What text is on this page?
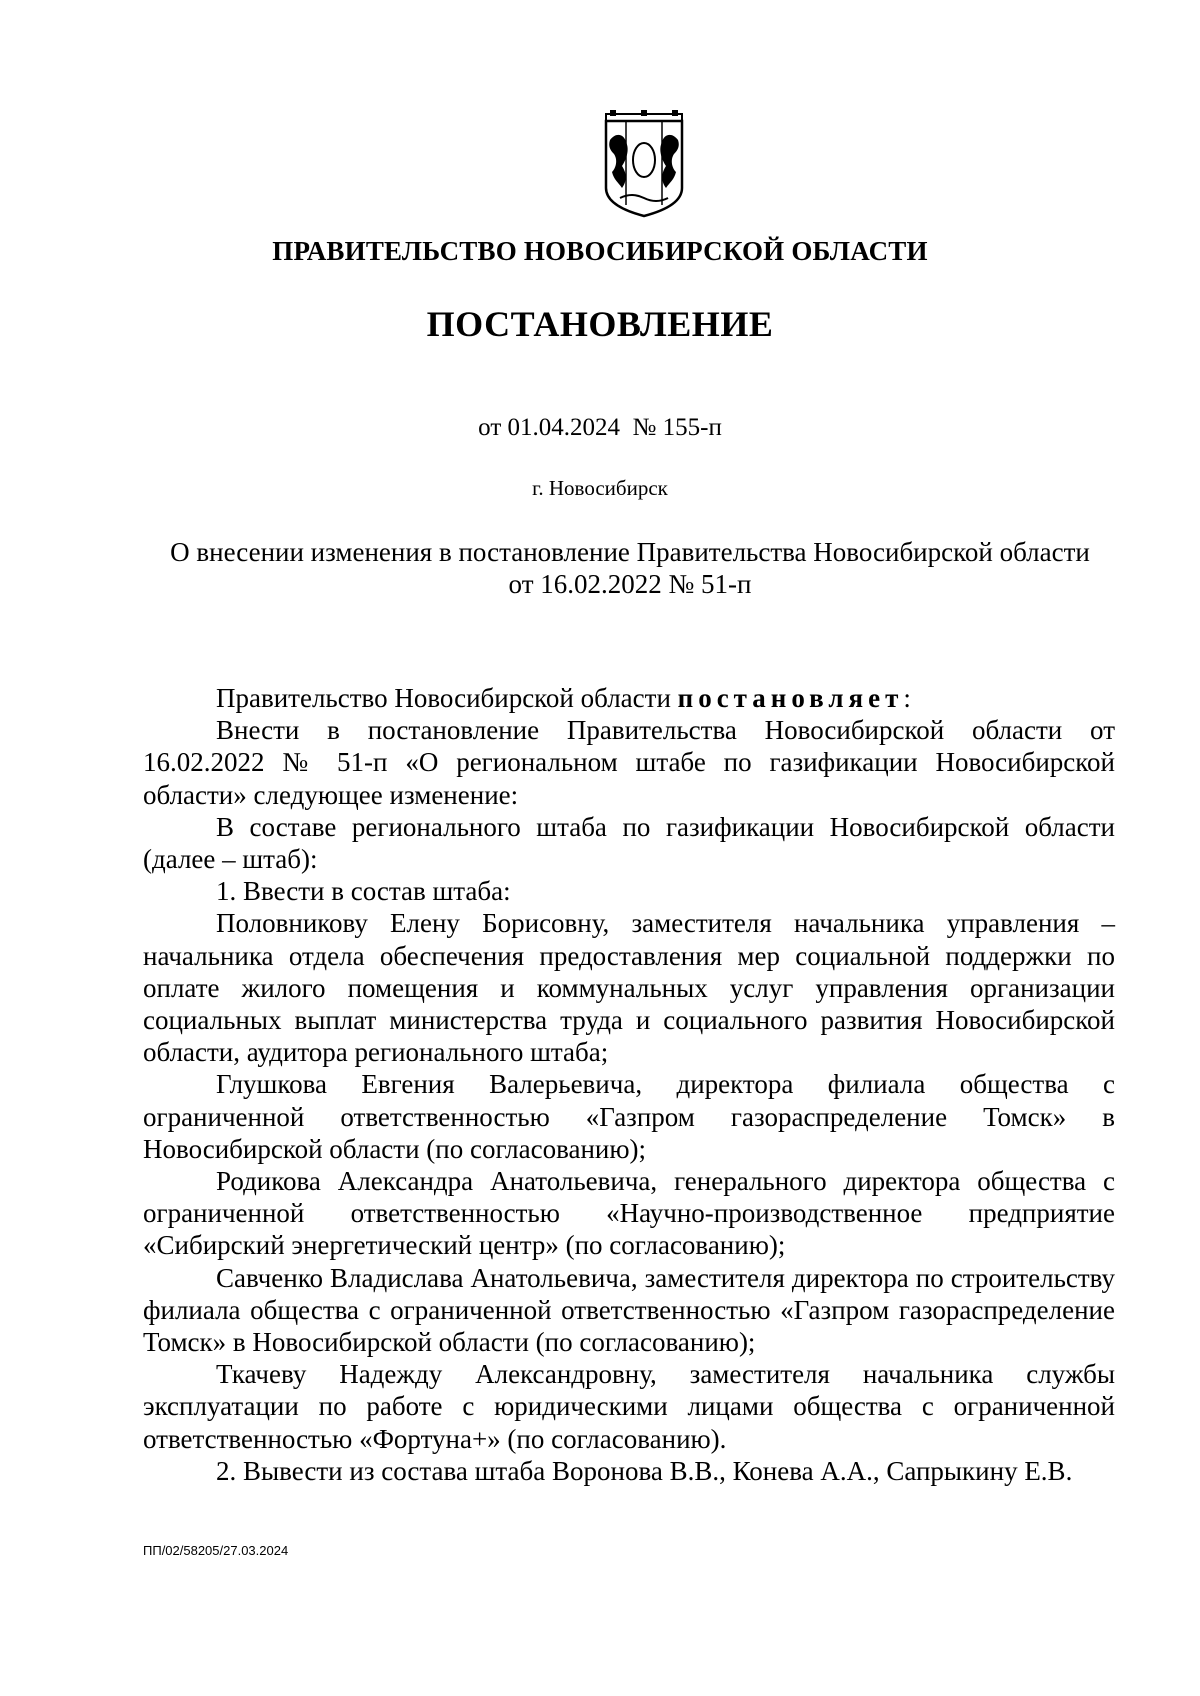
ПРАВИТЕЛЬСТВО НОВОСИБИРСКОЙ ОБЛАСТИ
ПОСТАНОВЛЕНИЕ
от 01.04.2024  № 155-п
г. Новосибирск
О внесении изменения в постановление Правительства Новосибирской области
от 16.02.2022 № 51-п

Правительство Новосибирской области постановляет:

Внести в постановление Правительства Новосибирской области от 16.02.2022 № 51-п «О региональном штабе по газификации Новосибирской области» следующее изменение:

В составе регионального штаба по газификации Новосибирской области (далее – штаб):

1. Ввести в состав штаба:

Половникову Елену Борисовну, заместителя начальника управления – начальника отдела обеспечения предоставления мер социальной поддержки по оплате жилого помещения и коммунальных услуг управления организации социальных выплат министерства труда и социального развития Новосибирской области, аудитора регионального штаба;

Глушкова Евгения Валерьевича, директора филиала общества с ограниченной ответственностью «Газпром газораспределение Томск» в Новосибирской области (по согласованию);

Родикова Александра Анатольевича, генерального директора общества с ограниченной ответственностью «Научно-производственное предприятие «Сибирский энергетический центр» (по согласованию);

Савченко Владислава Анатольевича, заместителя директора по строительству филиала общества с ограниченной ответственностью «Газпром газораспределение Томск» в Новосибирской области (по согласованию);

Ткачеву Надежду Александровну, заместителя начальника службы эксплуатации по работе с юридическими лицами общества с ограниченной ответственностью «Фортуна+» (по согласованию).

2. Вывести из состава штаба Воронова В.В., Конева А.А., Сапрыкину Е.В.

ПП/02/58205/27.03.2024
